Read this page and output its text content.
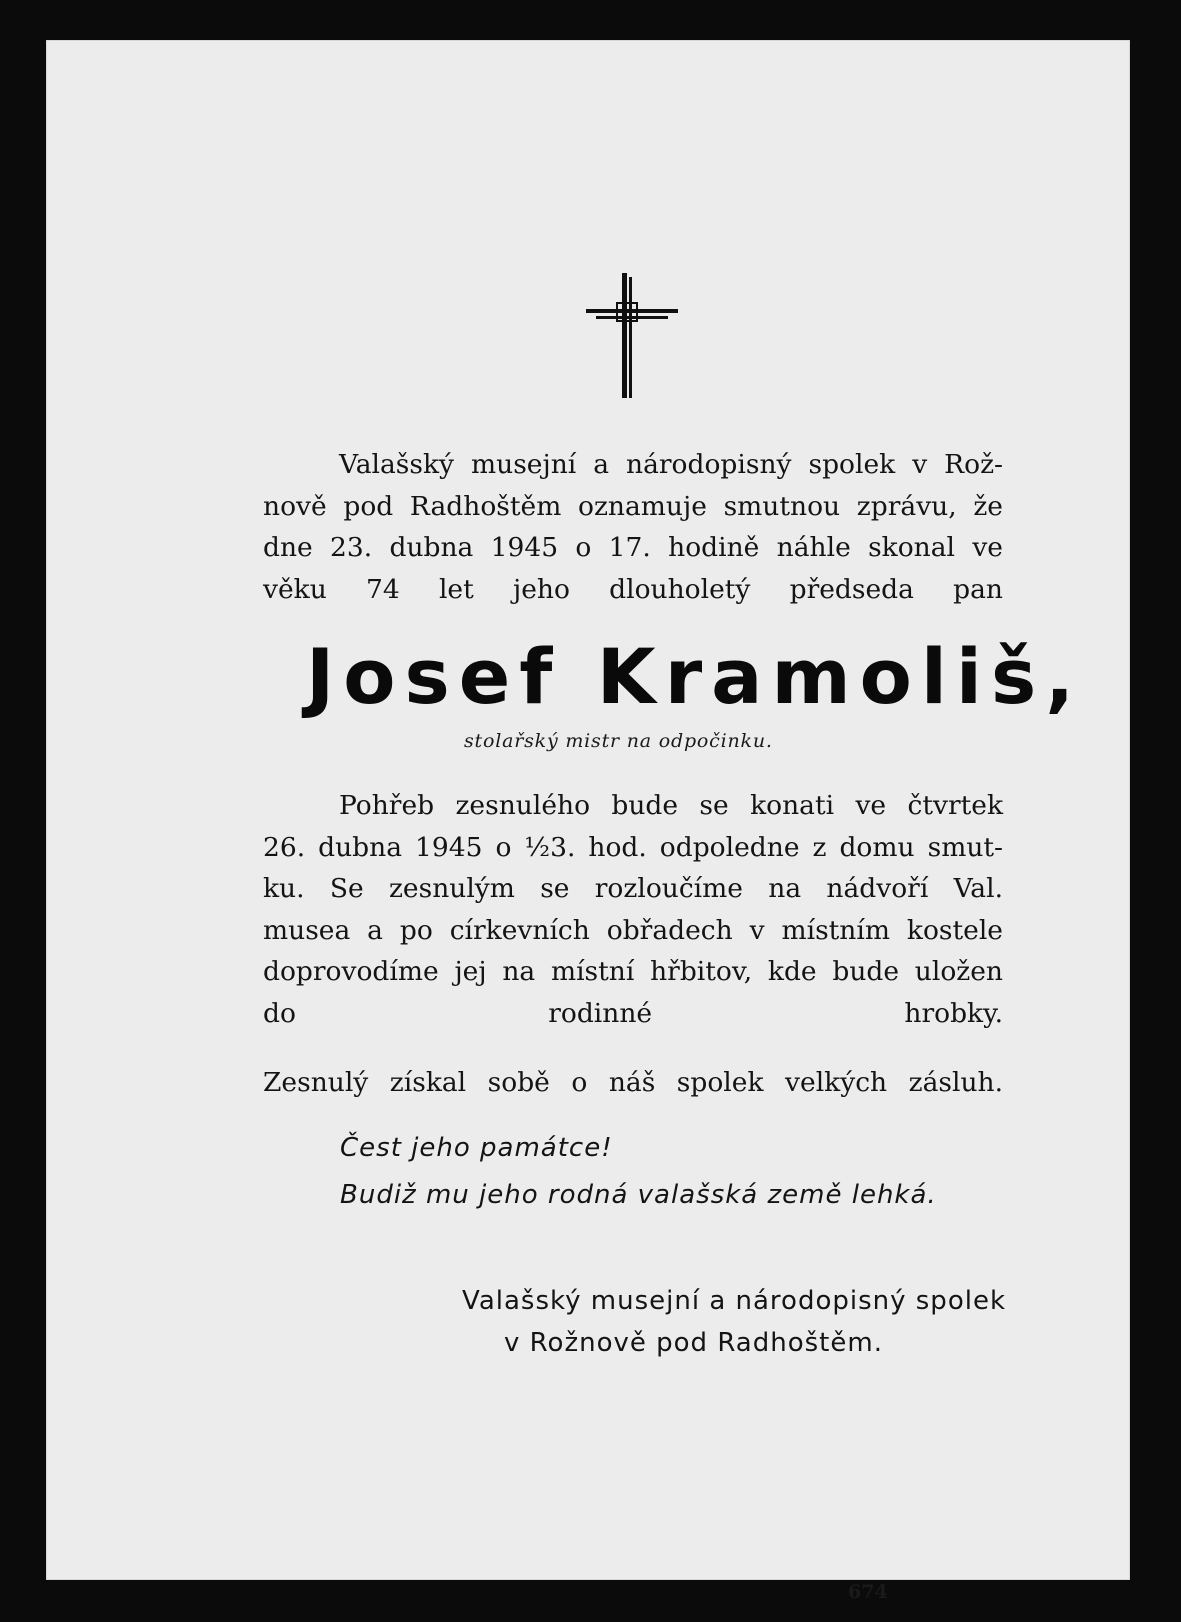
Valašský musejní a národopisný spolek v Rož-
nově pod Radhoštěm oznamuje smutnou zprávu, že
dne 23. dubna 1945 o 17. hodině náhle skonal ve
věku 74 let jeho dlouholetý předseda pan

Josef Kramoliš,
stolařský mistr na odpočinku.

Pohřeb zesnulého bude se konati ve čtvrtek
26. dubna 1945 o ½3. hod. odpoledne z domu smut-
ku. Se zesnulým se rozloučíme na nádvoří Val.
musea a po církevních obřadech v místním kostele
doprovodíme jej na místní hřbitov, kde bude uložen
do rodinné hrobky.

Zesnulý získal sobě o náš spolek velkých zásluh.
Čest jeho památce!
Budiž mu jeho rodná valašská země lehká.
Valašský musejní a národopisný spolek
v Rožnově pod Radhoštěm.
674
